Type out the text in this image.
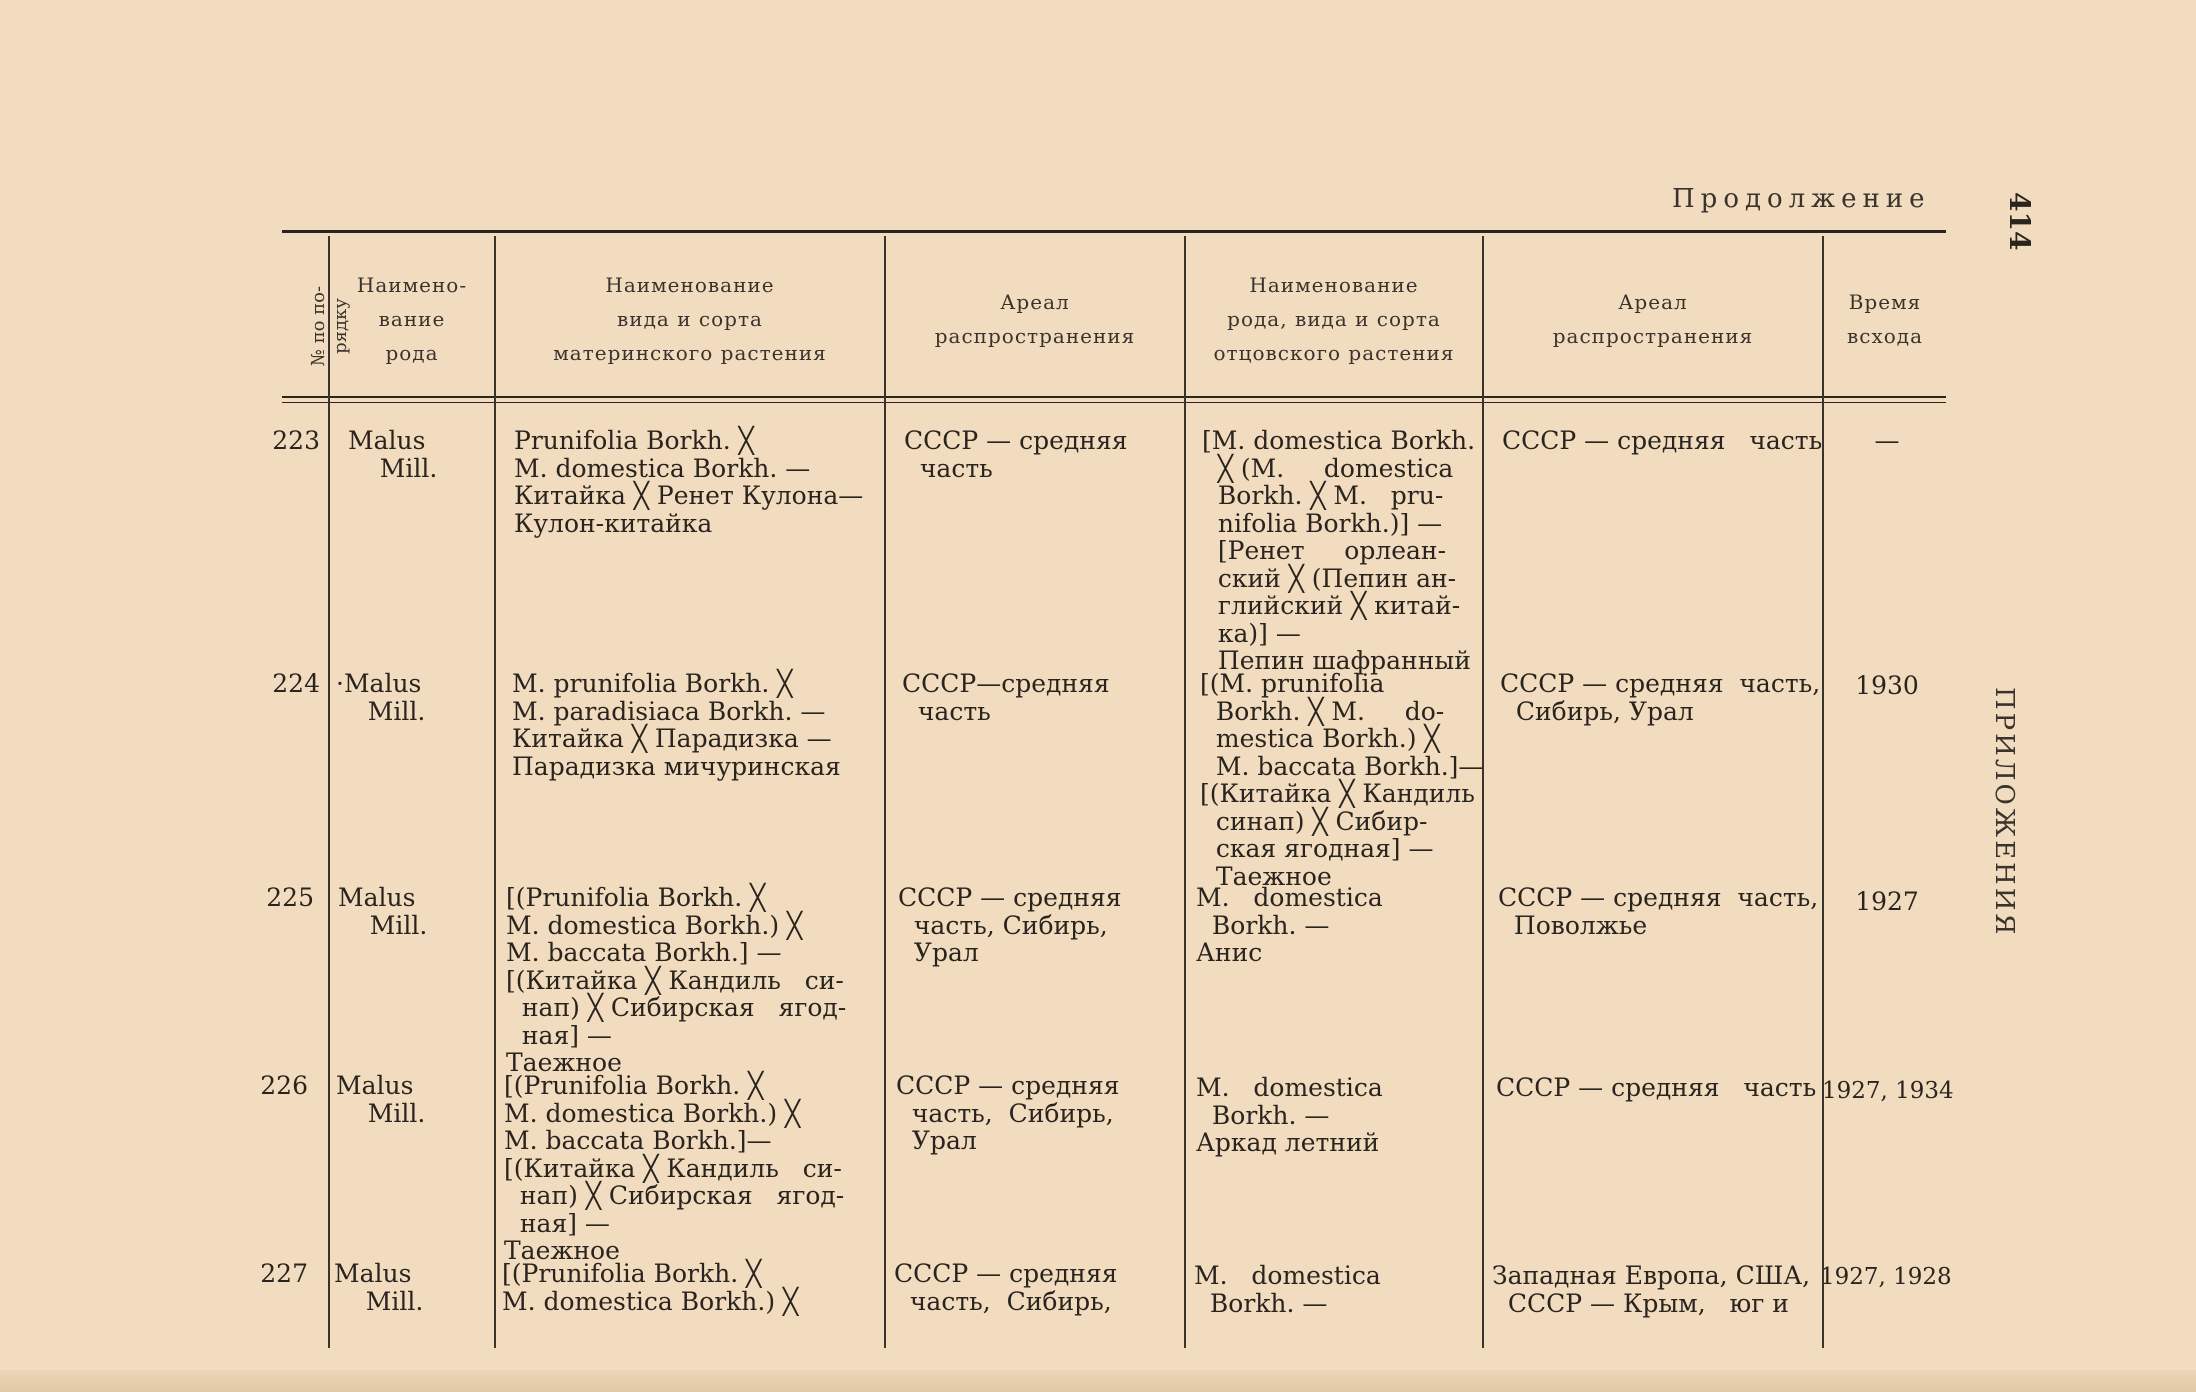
Продолжение	414
ПРИЛОЖЕНИЯ
№ по по-
рядку
Наимено-
вание
рода
Наименование
вида и сорта
материнского растения
Ареал
распространения
Наименование
рода, вида и сорта
отцовского растения
Ареал
распространения
Время
всхода
223 Malus
Mill.
Prunifolia Borkh. ╳
M. domestica Borkh. —
Китайка ╳ Ренет Кулона—
Кулон-китайка
СССР — средняя
часть
[M. domestica Borkh.
╳ (M.     domestica
Borkh. ╳ M.   pru-
nifolia Borkh.)] —
[Ренет     орлеан-
ский ╳ (Пепин ан-
глийский ╳ китай-
ка)] —
Пепин шафранный
СССР — средняя   часть	—
224 ·Malus
Mill.
M. prunifolia Borkh. ╳
M. paradisiaca Borkh. —
Китайка ╳ Парадизка —
Парадизка мичуринская
СССР—средняя
часть
[(M. prunifolia
Borkh. ╳ M.     do-
mestica Borkh.) ╳
M. baccata Borkh.]—
[(Китайка ╳ Кандиль
синап) ╳ Сибир-
ская ягодная] —
Таежное
СССР — средняя  часть,
Сибирь, Урал
1930
225 Malus
Mill.
[(Prunifolia Borkh. ╳
M. domestica Borkh.) ╳
M. baccata Borkh.] —
[(Китайка ╳ Кандиль   си-
нап) ╳ Сибирская   ягод-
ная] —
Таежное
СССР — средняя
часть, Сибирь,
Урал
M.   domestica
Borkh. —
Анис
СССР — средняя  часть,
Поволжье
1927
226 Malus
Mill.
[(Prunifolia Borkh. ╳
M. domestica Borkh.) ╳
M. baccata Borkh.]—
[(Китайка ╳ Кандиль   си-
нап) ╳ Сибирская   ягод-
ная] —
Таежное
СССР — средняя
часть,  Сибирь,
Урал
M.   domestica
Borkh. —
Аркад летний
СССР — средняя   часть 1927, 1934
227 Malus
Mill.
[(Prunifolia Borkh. ╳
M. domestica Borkh.) ╳
СССР — средняя
часть,  Сибирь,
M.   domestica
Borkh. —
Западная Европа, США,
СССР — Крым,   юг и
1927, 1928
